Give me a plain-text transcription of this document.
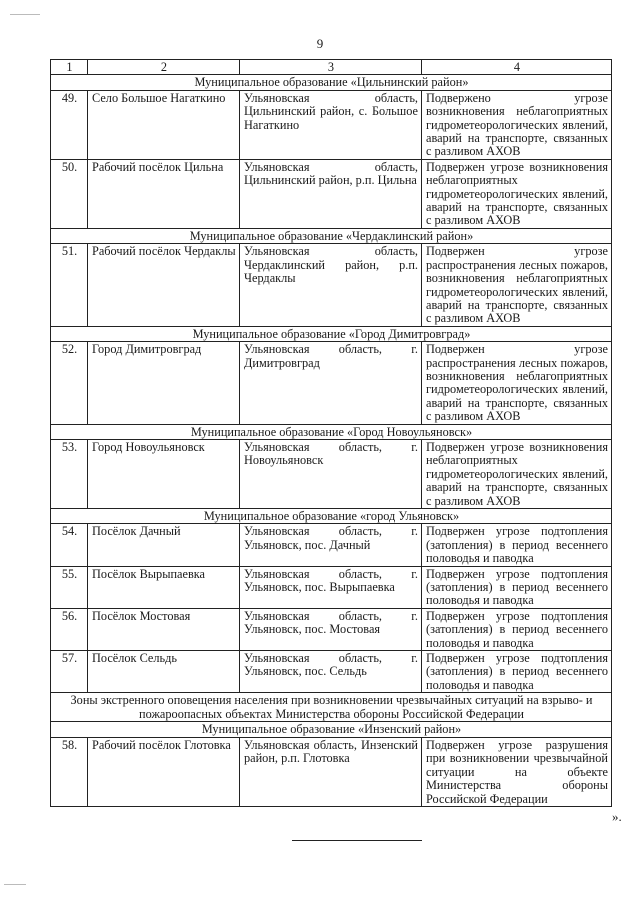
9
1	2	3	4
Муниципальное образование «Цильнинский район»			
49.	Село Большое Нагаткино	Ульяновская область, Цильнинский район, с. Большое Нагаткино	Подвержено угрозе возникновения неблагоприятных гидрометеорологических явлений, аварий на транспорте, связанных с разливом АХОВ
50.	Рабочий посёлок Цильна	Ульяновская область, Цильнинский район, р.п. Цильна	Подвержен угрозе возникновения неблагоприятных гидрометеорологических явлений, аварий на транспорте, связанных с разливом АХОВ
Муниципальное образование «Чердаклинский район»			
51.	Рабочий посёлок Чердаклы	Ульяновская область, Чердаклинский район, р.п. Чердаклы	Подвержен угрозе распространения лесных пожаров, возникновения неблагоприятных гидрометеорологических явлений, аварий на транспорте, связанных с разливом АХОВ
Муниципальное образование «Город Димитровград»			
52.	Город Димитровград	Ульяновская область, г. Димитровград	Подвержен угрозе распространения лесных пожаров, возникновения неблагоприятных гидрометеорологических явлений, аварий на транспорте, связанных с разливом АХОВ
Муниципальное образование «Город Новоульяновск»			
53.	Город Новоульяновск	Ульяновская область, г. Новоульяновск	Подвержен угрозе возникновения неблагоприятных гидрометеорологических явлений, аварий на транспорте, связанных с разливом АХОВ
Муниципальное образование «город Ульяновск»			
54.	Посёлок Дачный	Ульяновская область, г. Ульяновск, пос. Дачный	Подвержен угрозе подтопления (затопления) в период весеннего половодья и паводка
55.	Посёлок Вырыпаевка	Ульяновская область, г. Ульяновск, пос. Вырыпаевка	Подвержен угрозе подтопления (затопления) в период весеннего половодья и паводка
56.	Посёлок Мостовая	Ульяновская область, г. Ульяновск, пос. Мостовая	Подвержен угрозе подтопления (затопления) в период весеннего половодья и паводка
57.	Посёлок Сельдь	Ульяновская область, г. Ульяновск, пос. Сельдь	Подвержен угрозе подтопления (затопления) в период весеннего половодья и паводка
Зоны экстренного оповещения населения при возникновении чрезвычайных ситуаций на взрыво- и пожароопасных объектах Министерства обороны Российской Федерации			
Муниципальное образование «Инзенский район»			
58.	Рабочий посёлок Глотовка	Ульяновская область, Инзенский район, р.п. Глотовка	Подвержен угрозе разрушения при возникновении чрезвычайной ситуации на объекте Министерства обороны Российской Федерации
».
